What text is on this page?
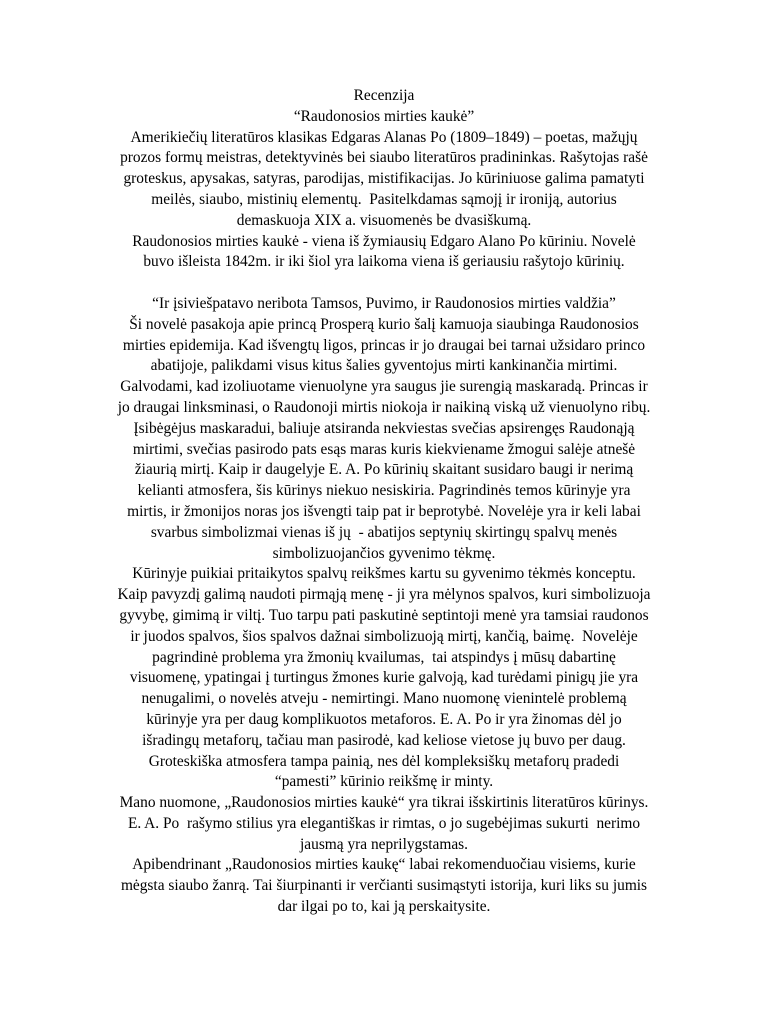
Recenzija
“Raudonosios mirties kaukė”
Amerikiečių literatūros klasikas Edgaras Alanas Po (1809–1849) – poetas, mažųjų
prozos formų meistras, detektyvinės bei siaubo literatūros pradininkas. Rašytojas rašė
groteskus, apysakas, satyras, parodijas, mistifikacijas. Jo kūriniuose galima pamatyti
meilės, siaubo, mistinių elementų.  Pasitelkdamas sąmojį ir ironiją, autorius
demaskuoja XIX a. visuomenės be dvasiškumą.
Raudonosios mirties kaukė - viena iš žymiausių Edgaro Alano Po kūriniu. Novelė
buvo išleista 1842m. ir iki šiol yra laikoma viena iš geriausiu rašytojo kūrinių.
“Ir įsiviešpatavo neribota Tamsos, Puvimo, ir Raudonosios mirties valdžia”
Ši novelė pasakoja apie princą Prosperą kurio šalį kamuoja siaubinga Raudonosios
mirties epidemija. Kad išvengtų ligos, princas ir jo draugai bei tarnai užsidaro princo
abatijoje, palikdami visus kitus šalies gyventojus mirti kankinančia mirtimi.
Galvodami, kad izoliuotame vienuolyne yra saugus jie surengią maskaradą. Princas ir
jo draugai linksminasi, o Raudonoji mirtis niokoja ir naikiną viską už vienuolyno ribų.
Įsibėgėjus maskaradui, baliuje atsiranda nekviestas svečias apsirengęs Raudonąją
mirtimi, svečias pasirodo pats esąs maras kuris kiekviename žmogui salėje atnešė
žiaurią mirtį. Kaip ir daugelyje E. A. Po kūrinių skaitant susidaro baugi ir nerimą
kelianti atmosfera, šis kūrinys niekuo nesiskiria. Pagrindinės temos kūrinyje yra
mirtis, ir žmonijos noras jos išvengti taip pat ir beprotybė. Novelėje yra ir keli labai
svarbus simbolizmai vienas iš jų  - abatijos septynių skirtingų spalvų menės
simbolizuojančios gyvenimo tėkmę.
Kūrinyje puikiai pritaikytos spalvų reikšmes kartu su gyvenimo tėkmės konceptu.
Kaip pavyzdį galimą naudoti pirmąją menę - ji yra mėlynos spalvos, kuri simbolizuoja
gyvybę, gimimą ir viltį. Tuo tarpu pati paskutinė septintoji menė yra tamsiai raudonos
ir juodos spalvos, šios spalvos dažnai simbolizuoją mirtį, kančią, baimę.  Novelėje
pagrindinė problema yra žmonių kvailumas,  tai atspindys į mūsų dabartinę
visuomenę, ypatingai į turtingus žmones kurie galvoją, kad turėdami pinigų jie yra
nenugalimi, o novelės atveju - nemirtingi. Mano nuomonę vienintelė problemą
kūrinyje yra per daug komplikuotos metaforos. E. A. Po ir yra žinomas dėl jo
išradingų metaforų, tačiau man pasirodė, kad keliose vietose jų buvo per daug.
Groteskiška atmosfera tampa painią, nes dėl kompleksiškų metaforų pradedi
“pamesti” kūrinio reikšmę ir minty.
Mano nuomone, „Raudonosios mirties kaukė“ yra tikrai išskirtinis literatūros kūrinys.
E. A. Po  rašymo stilius yra elegantiškas ir rimtas, o jo sugebėjimas sukurti  nerimo
jausmą yra neprilygstamas.
Apibendrinant „Raudonosios mirties kaukę“ labai rekomenduočiau visiems, kurie
mėgsta siaubo žanrą. Tai šiurpinanti ir verčianti susimąstyti istorija, kuri liks su jumis
dar ilgai po to, kai ją perskaitysite.
